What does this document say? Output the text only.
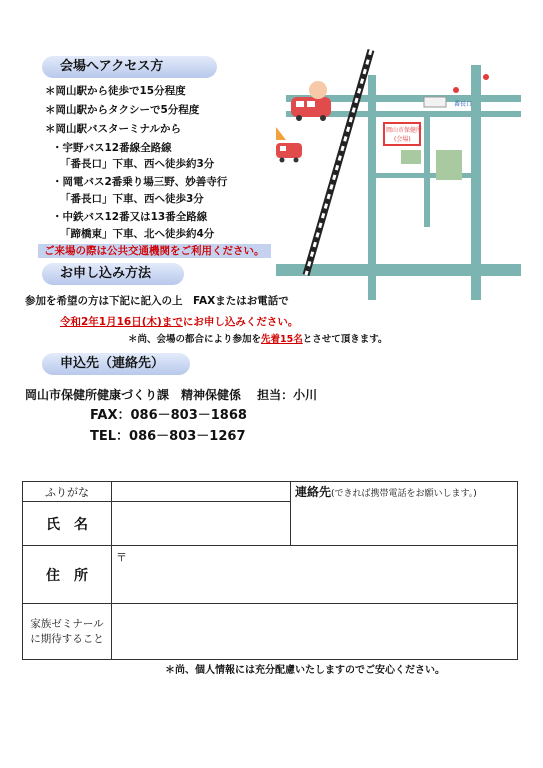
会場へアクセス方
＊岡山駅から徒歩で15分程度
＊岡山駅からタクシーで5分程度
＊岡山駅バスターミナルから
・宇野バス12番線全路線
「番長口」下車、西へ徒歩約3分
・岡電バス2番乗り場三野、妙善寺行
「番長口」下車、西へ徒歩3分
・中鉄バス12番又は13番全路線
「蹄橋東」下車、北へ徒歩約4分
ご来場の際は公共交通機関をご利用ください。
岡山市保健所
(会場)
番長口
お申し込み方法
参加を希望の方は下記に記入の上　FAXまたはお電話で
令和2年1月16日(木)までにお申し込みください。
＊尚、会場の都合により参加を先着15名とさせて頂きます。
申込先（連絡先）
岡山市保健所健康づくり課　精神保健係　 担当：小川
FAX：086－803－1868
TEL：086－803－1267
ふりがな		連絡先(できれば携帯電話をお願いします。)
氏　名		
住　所	〒	

家族ゼミナール
に期待すること		

＊尚、個人情報には充分配慮いたしますのでご安心ください。
